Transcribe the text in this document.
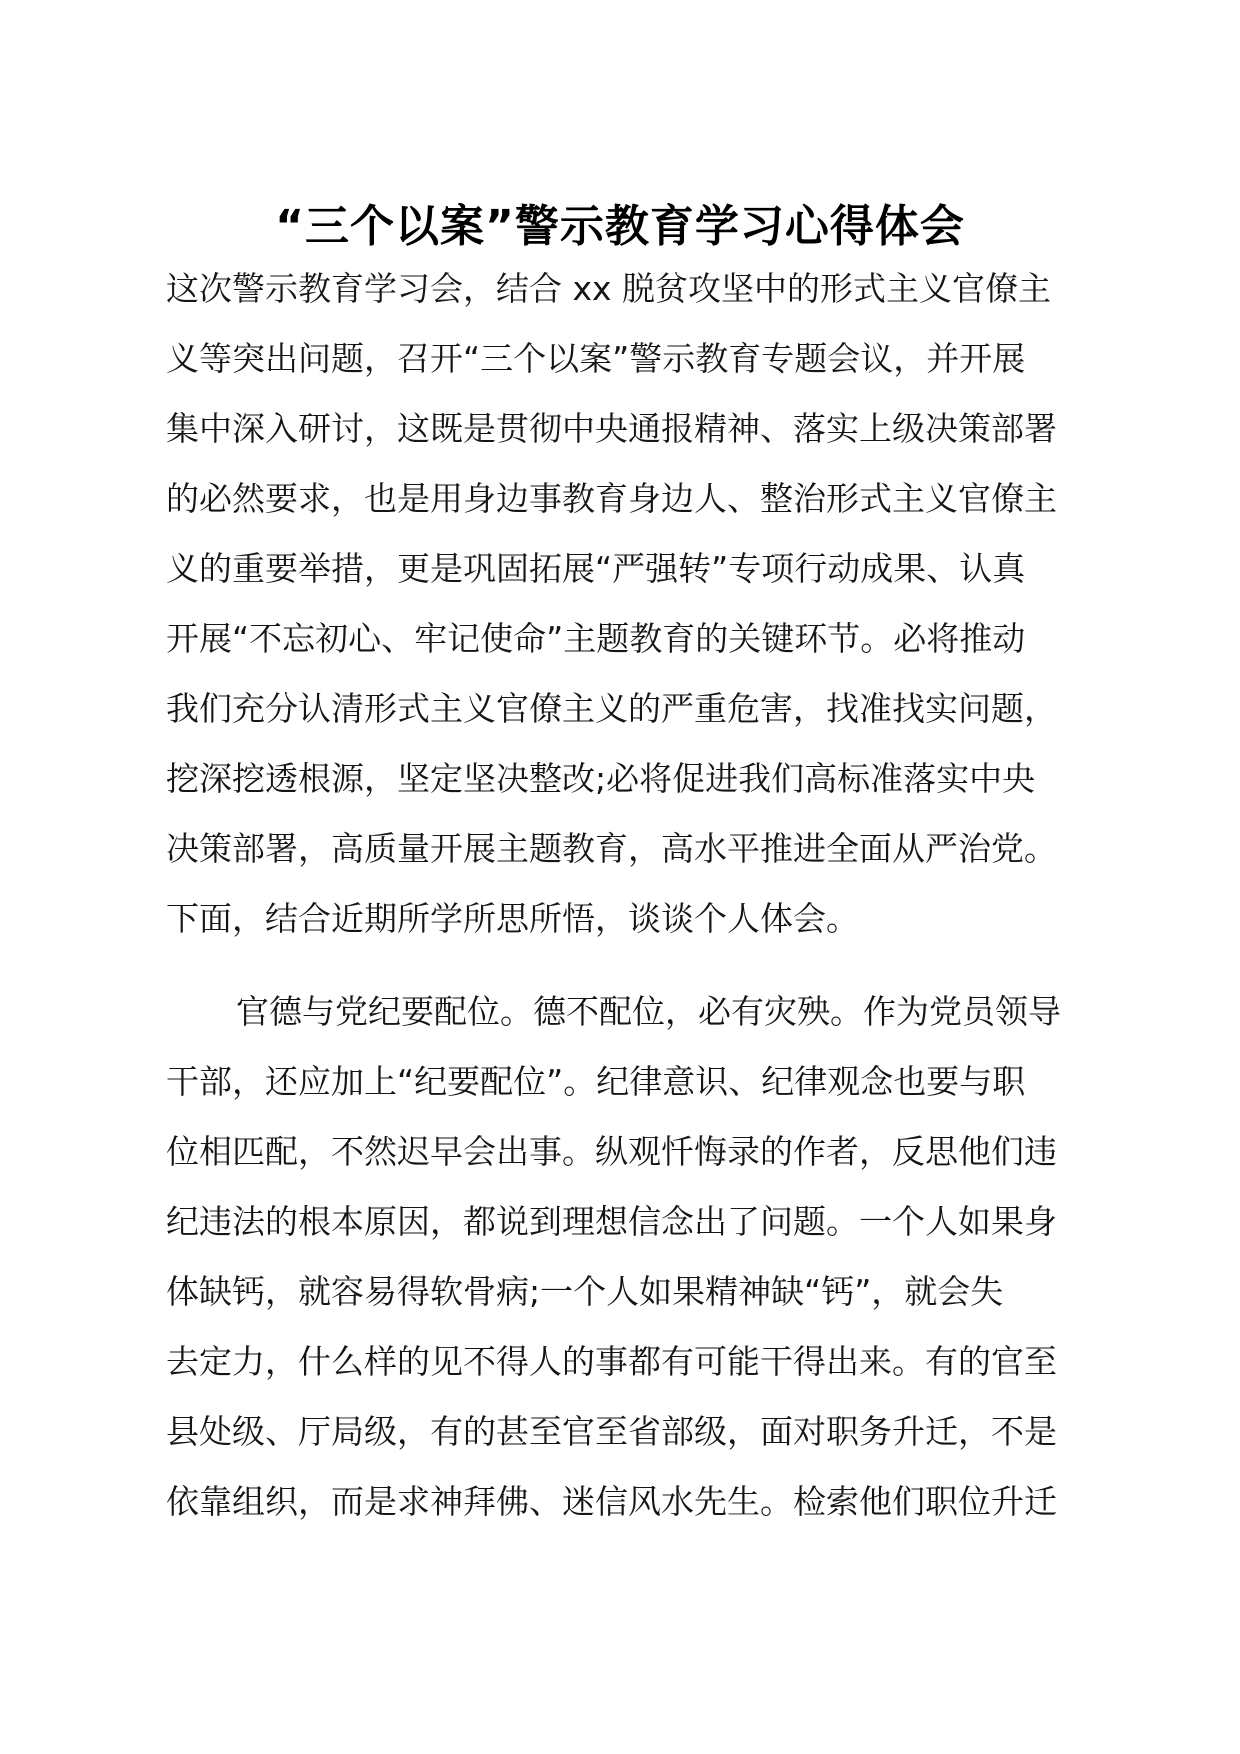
“三个以案”警示教育学习心得体会
这次警示教育学习会，结合 xx 脱贫攻坚中的形式主义官僚主
义等突出问题，召开“三个以案”警示教育专题会议，并开展
集中深入研讨，这既是贯彻中央通报精神、落实上级决策部署
的必然要求，也是用身边事教育身边人、整治形式主义官僚主
义的重要举措，更是巩固拓展“严强转”专项行动成果、认真
开展“不忘初心、牢记使命”主题教育的关键环节。必将推动
我们充分认清形式主义官僚主义的严重危害，找准找实问题，
挖深挖透根源，坚定坚决整改;必将促进我们高标准落实中央
决策部署，高质量开展主题教育，高水平推进全面从严治党。
下面，结合近期所学所思所悟，谈谈个人体会。
官德与党纪要配位。德不配位，必有灾殃。作为党员领导
干部，还应加上“纪要配位”。纪律意识、纪律观念也要与职
位相匹配，不然迟早会出事。纵观忏悔录的作者，反思他们违
纪违法的根本原因，都说到理想信念出了问题。一个人如果身
体缺钙，就容易得软骨病;一个人如果精神缺“钙”，就会失
去定力，什么样的见不得人的事都有可能干得出来。有的官至
县处级、厅局级，有的甚至官至省部级，面对职务升迁，不是
依靠组织，而是求神拜佛、迷信风水先生。检索他们职位升迁
